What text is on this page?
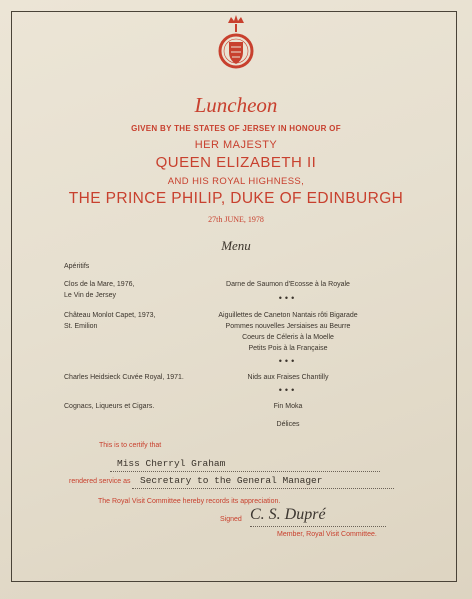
Luncheon
GIVEN BY THE STATES OF JERSEY IN HONOUR OF
HER MAJESTY
QUEEN ELIZABETH II
AND HIS ROYAL HIGHNESS,
THE PRINCE PHILIP, DUKE OF EDINBURGH
27th JUNE, 1978
Menu
Apéritifs
Clos de la Mare, 1976,
Le Vin de Jersey
Château Monlot Capet, 1973,
St. Emilion
Charles Heidsieck Cuvée Royal, 1971.
Cognacs, Liqueurs et Cigars.
Darne de Saumon d'Ecosse à la Royale
•••
Aiguillettes de Caneton Nantais rôti Bigarade
Pommes nouvelles Jersiaises au Beurre
Coeurs de Céleris à la Moelle
Petits Pois à la Française
•••
Nids aux Fraises Chantilly
•••
Fin Moka
Délices
This is to certify that
Miss Cherryl Graham
rendered service as Secretary to the General Manager
The Royal Visit Committee hereby records its appreciation.
Signed C. S. Dupré
Member, Royal Visit Committee.
